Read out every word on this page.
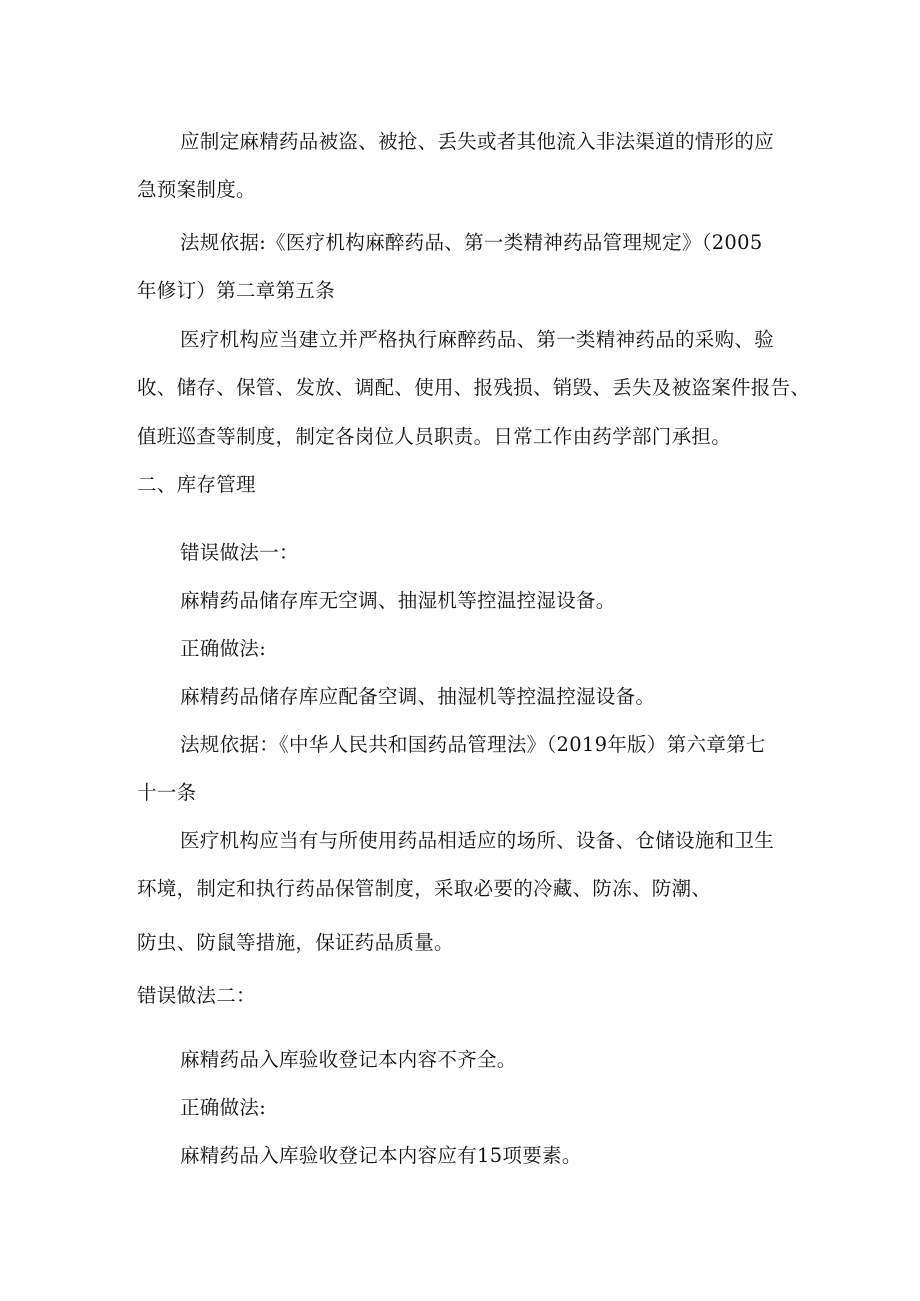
应制定麻精药品被盗、被抢、丢失或者其他流入非法渠道的情形的应
急预案制度。
法规依据:《医疗机构麻醉药品、第一类精神药品管理规定》（2005
年修订）第二章第五条
医疗机构应当建立并严格执行麻醉药品、第一类精神药品的采购、验
收、储存、保管、发放、调配、使用、报残损、销毁、丢失及被盗案件报告、
值班巡查等制度，制定各岗位人员职责。日常工作由药学部门承担。
二、库存管理
错误做法一：
麻精药品储存库无空调、抽湿机等控温控湿设备。
正确做法:
麻精药品储存库应配备空调、抽湿机等控温控湿设备。
法规依据：《中华人民共和国药品管理法》（2019年版）第六章第七
十一条
医疗机构应当有与所使用药品相适应的场所、设备、仓储设施和卫生
环境，制定和执行药品保管制度，采取必要的冷藏、防冻、防潮、
防虫、防鼠等措施，保证药品质量。
错误做法二：
麻精药品入库验收登记本内容不齐全。
正确做法:
麻精药品入库验收登记本内容应有15项要素。
